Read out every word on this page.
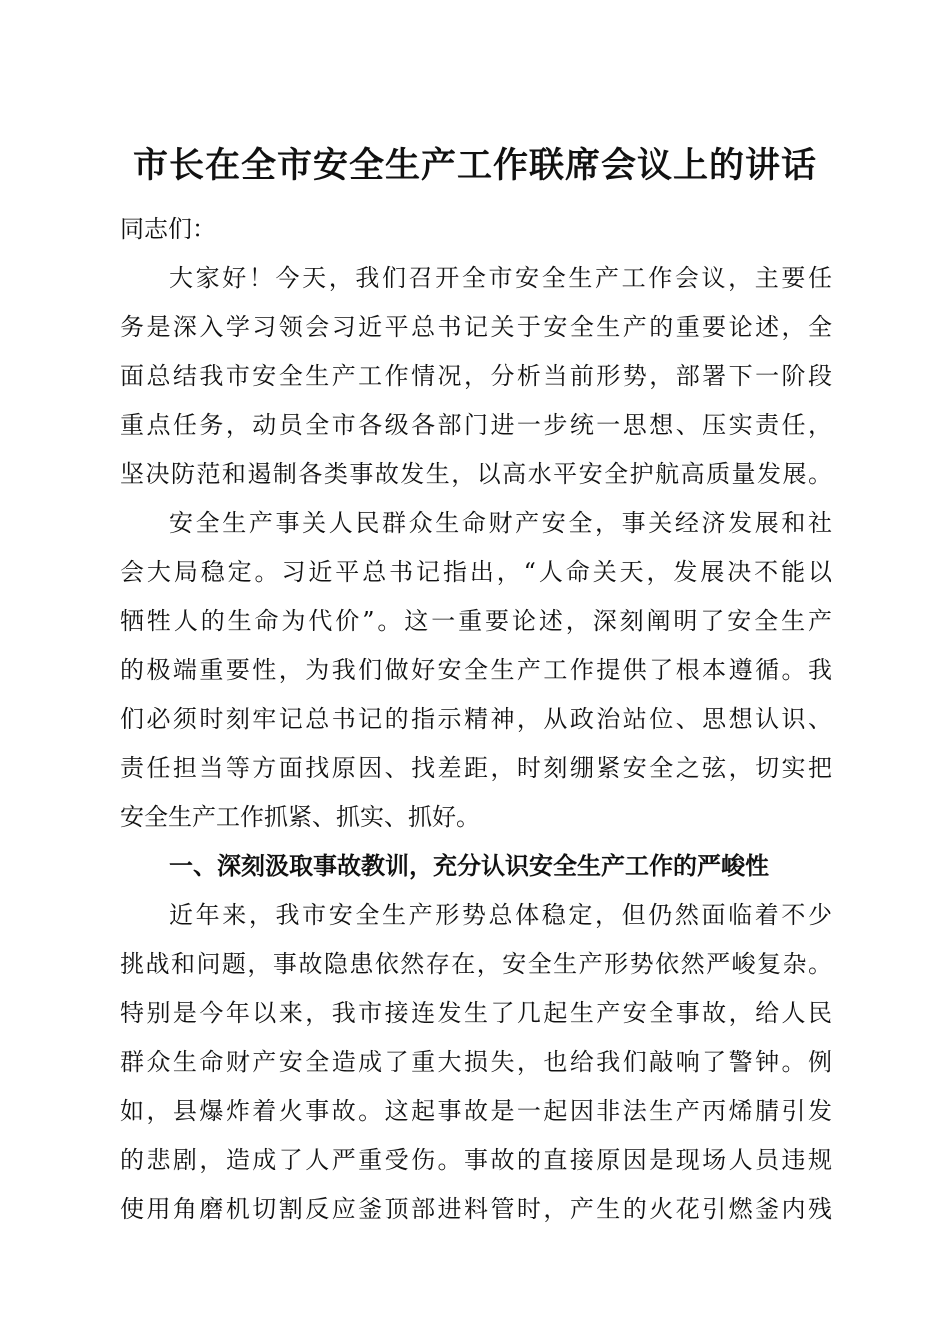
市长在全市安全生产工作联席会议上的讲话
同志们：
大家好！今天，我们召开全市安全生产工作会议，主要任
务是深入学习领会习近平总书记关于安全生产的重要论述，全
面总结我市安全生产工作情况，分析当前形势，部署下一阶段
重点任务，动员全市各级各部门进一步统一思想、压实责任，
坚决防范和遏制各类事故发生，以高水平安全护航高质量发展。
安全生产事关人民群众生命财产安全，事关经济发展和社
会大局稳定。习近平总书记指出，“人命关天，发展决不能以
牺牲人的生命为代价”。这一重要论述，深刻阐明了安全生产
的极端重要性，为我们做好安全生产工作提供了根本遵循。我
们必须时刻牢记总书记的指示精神，从政治站位、思想认识、
责任担当等方面找原因、找差距，时刻绷紧安全之弦，切实把
安全生产工作抓紧、抓实、抓好。
一、深刻汲取事故教训，充分认识安全生产工作的严峻性
近年来，我市安全生产形势总体稳定，但仍然面临着不少
挑战和问题，事故隐患依然存在，安全生产形势依然严峻复杂。
特别是今年以来，我市接连发生了几起生产安全事故，给人民
群众生命财产安全造成了重大损失，也给我们敲响了警钟。例
如，县爆炸着火事故。这起事故是一起因非法生产丙烯腈引发
的悲剧，造成了人严重受伤。事故的直接原因是现场人员违规
使用角磨机切割反应釜顶部进料管时，产生的火花引燃釜内残
